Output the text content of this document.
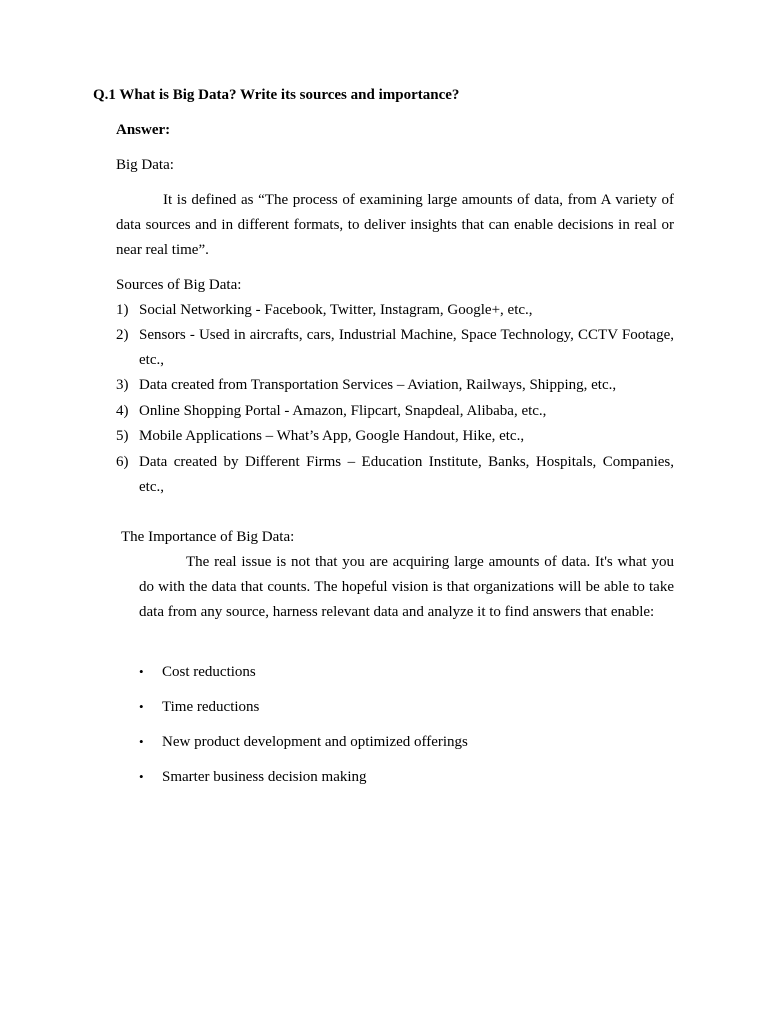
Q.1 What is Big Data? Write its sources and importance?

Answer:

Big Data:

It is defined as “The process of examining large amounts of data, from A variety of data sources and in different formats, to deliver insights that can enable decisions in real or near real time”.

Sources of Big Data:

1) Social Networking - Facebook, Twitter, Instagram, Google+, etc.,
2) Sensors - Used in aircrafts, cars, Industrial Machine, Space Technology, CCTV Footage, etc.,
3) Data created from Transportation Services – Aviation, Railways, Shipping, etc.,
4) Online Shopping Portal - Amazon, Flipcart, Snapdeal, Alibaba, etc.,
5) Mobile Applications – What’s App, Google Handout, Hike, etc.,
6) Data created by Different Firms – Education Institute, Banks, Hospitals, Companies, etc.,

The Importance of Big Data:

The real issue is not that you are acquiring large amounts of data. It's what you do with the data that counts. The hopeful vision is that organizations will be able to take data from any source, harness relevant data and analyze it to find answers that enable:

• Cost reductions
• Time reductions
• New product development and optimized offerings
• Smarter business decision making
